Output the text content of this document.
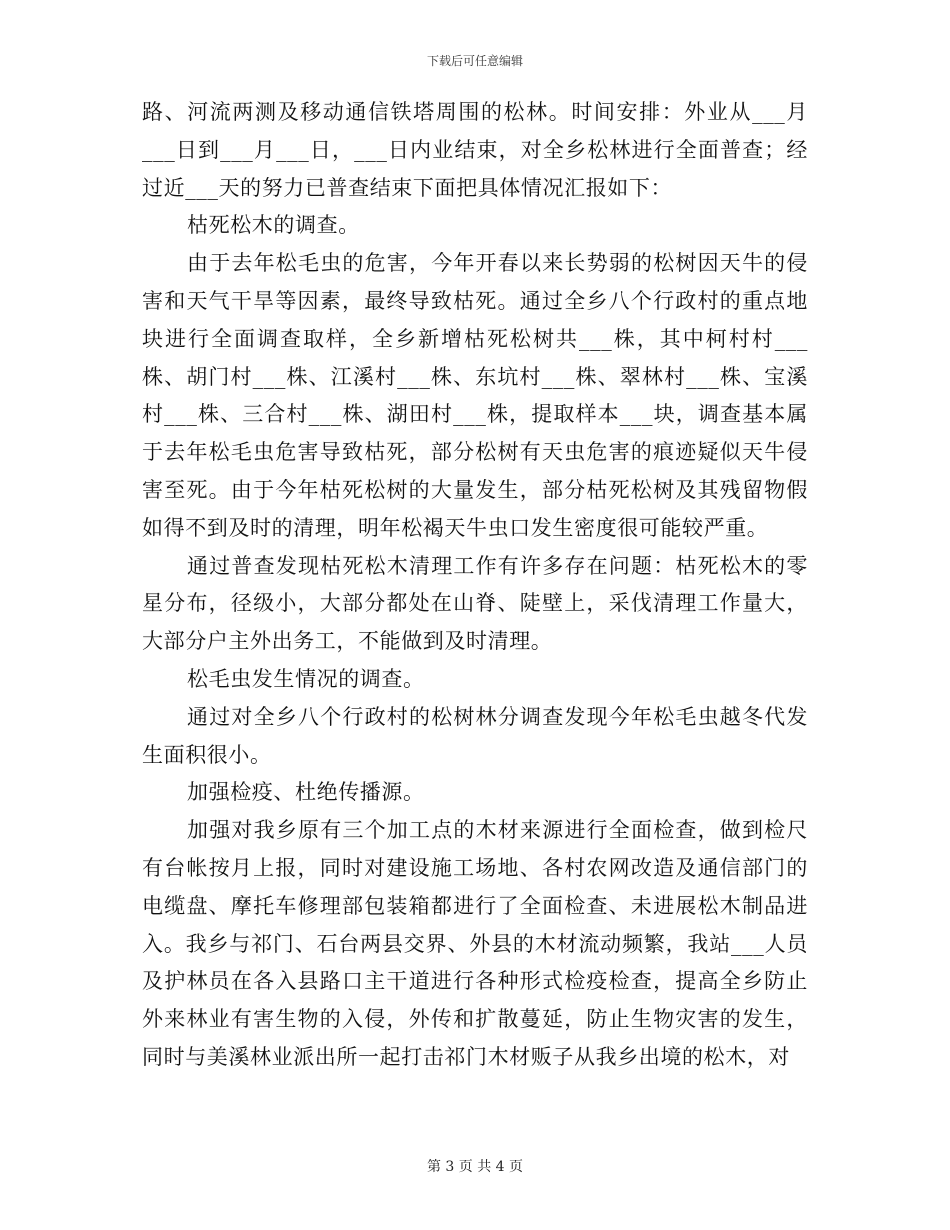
下载后可任意编辑

路、河流两测及移动通信铁塔周围的松林。时间安排：外业从___月___日到___月___日，___日内业结束，对全乡松林进行全面普查；经过近___天的努力已普查结束下面把具体情况汇报如下：

枯死松木的调查。

由于去年松毛虫的危害，今年开春以来长势弱的松树因天牛的侵害和天气干旱等因素，最终导致枯死。通过全乡八个行政村的重点地块进行全面调查取样，全乡新增枯死松树共___株，其中柯村村___株、胡门村___株、江溪村___株、东坑村___株、翠林村___株、宝溪村___株、三合村___株、湖田村___株，提取样本___块，调查基本属于去年松毛虫危害导致枯死，部分松树有天虫危害的痕迹疑似天牛侵害至死。由于今年枯死松树的大量发生，部分枯死松树及其残留物假如得不到及时的清理，明年松褐天牛虫口发生密度很可能较严重。

通过普查发现枯死松木清理工作有许多存在问题：枯死松木的零星分布，径级小，大部分都处在山脊、陡壁上，采伐清理工作量大，大部分户主外出务工，不能做到及时清理。

松毛虫发生情况的调查。

通过对全乡八个行政村的松树林分调查发现今年松毛虫越冬代发生面积很小。

加强检疫、杜绝传播源。

加强对我乡原有三个加工点的木材来源进行全面检查，做到检尺有台帐按月上报，同时对建设施工场地、各村农网改造及通信部门的电缆盘、摩托车修理部包装箱都进行了全面检查、未进展松木制品进入。我乡与祁门、石台两县交界、外县的木材流动频繁，我站___人员及护林员在各入县路口主干道进行各种形式检疫检查，提高全乡防止外来林业有害生物的入侵，外传和扩散蔓延，防止生物灾害的发生，同时与美溪林业派出所一起打击祁门木材贩子从我乡出境的松木，对

第 3 页 共 4 页
